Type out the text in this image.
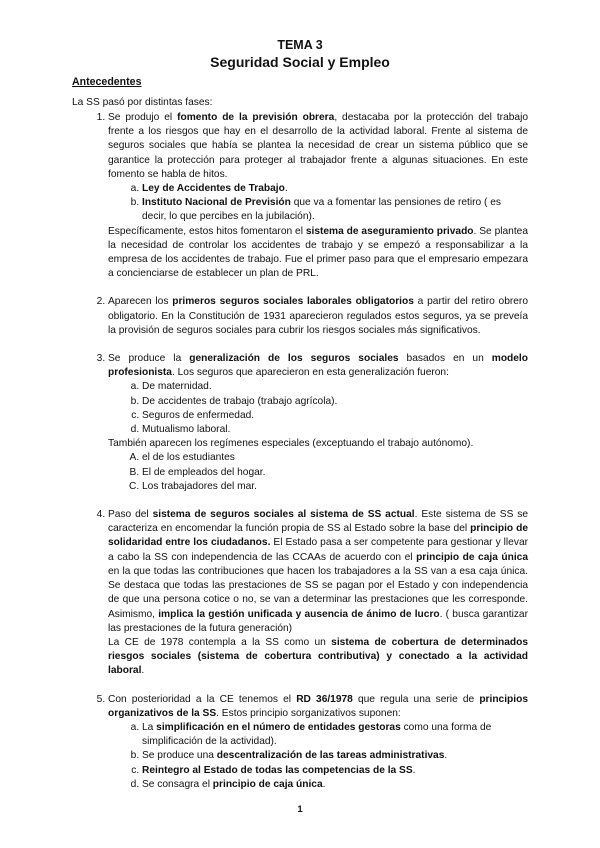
TEMA 3
Seguridad Social y Empleo
Antecedentes
La SS pasó por distintas fases:
1. Se produjo el fomento de la previsión obrera, destacaba por la protección del trabajo frente a los riesgos que hay en el desarrollo de la actividad laboral. Frente al sistema de seguros sociales que había se plantea la necesidad de crear un sistema público que se garantice la protección para proteger al trabajador frente a algunas situaciones. En este fomento se habla de hitos.
a. Ley de Accidentes de Trabajo.
b. Instituto Nacional de Previsión que va a fomentar las pensiones de retiro ( es decir, lo que percibes en la jubilación).

Específicamente, estos hitos fomentaron el sistema de aseguramiento privado. Se plantea la necesidad de controlar los accidentes de trabajo y se empezó a responsabilizar a la empresa de los accidentes de trabajo. Fue el primer paso para que el empresario empezara a concienciarse de establecer un plan de PRL.

2. Aparecen los primeros seguros sociales laborales obligatorios a partir del retiro obrero obligatorio. En la Constitución de 1931 aparecieron regulados estos seguros, ya se preveía la provisión de seguros sociales para cubrir los riesgos sociales más significativos.
3. Se produce la generalización de los seguros sociales basados en un modelo profesionista. Los seguros que aparecieron en esta generalización fueron:
a. De maternidad.
b. De accidentes de trabajo (trabajo agrícola).
c. Seguros de enfermedad.
d. Mutualismo laboral.

También aparecen los regímenes especiales (exceptuando el trabajo autónomo).

A. el de los estudiantes
B. El de empleados del hogar.
C. Los trabajadores del mar.
4. Paso del sistema de seguros sociales al sistema de SS actual. Este sistema de SS se caracteriza en encomendar la función propia de SS al Estado sobre la base del principio de solidaridad entre los ciudadanos. El Estado pasa a ser competente para gestionar y llevar a cabo la SS con independencia de las CCAAs de acuerdo con el principio de caja única en la que todas las contribuciones que hacen los trabajadores a la SS van a esa caja única. Se destaca que todas las prestaciones de SS se pagan por el Estado y con independencia de que una persona cotice o no, se van a determinar las prestaciones que les corresponde. Asimismo, implica la gestión unificada y ausencia de ánimo de lucro. ( busca garantizar las prestaciones de la futura generación)

La CE de 1978 contempla a la SS como un sistema de cobertura de determinados riesgos sociales (sistema de cobertura contributiva) y conectado a la actividad laboral.

5. Con posterioridad a la CE tenemos el RD 36/1978 que regula una serie de principios organizativos de la SS. Estos principio sorganizativos suponen:
a. La simplificación en el número de entidades gestoras como una forma de simplificación de la actividad).
b. Se produce una descentralización de las tareas administrativas.
c. Reintegro al Estado de todas las competencias de la SS.
d. Se consagra el principio de caja única.
1
